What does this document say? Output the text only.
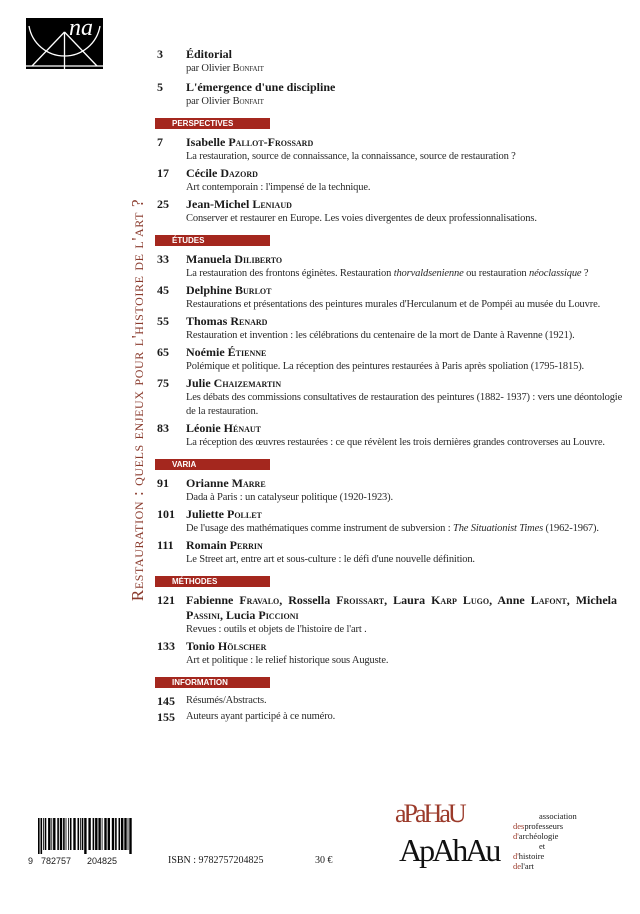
na
Restauration : quels enjeux pour l'histoire de l'art ?
3 Éditorial
par Olivier Bonfait
5 L'émergence d'une discipline
par Olivier Bonfait
PERSPECTIVES
7 Isabelle Pallot-Frossard
La restauration, source de connaissance, la connaissance, source de restauration ?
17 Cécile Dazord
Art contemporain : l'impensé de la technique.
25 Jean-Michel Leniaud
Conserver et restaurer en Europe. Les voies divergentes de deux professionnalisations.
ÉTUDES
33 Manuela Diliberto
La restauration des frontons éginètes. Restauration thorvaldsenienne ou restauration néoclassique ?
45 Delphine Burlot
Restaurations et présentations des peintures murales d'Herculanum et de Pompéi au musée du Louvre.
55 Thomas Renard
Restauration et invention : les célébrations du centenaire de la mort de Dante à Ravenne (1921).
65 Noémie Étienne
Polémique et politique. La réception des peintures restaurées à Paris après spoliation (1795-1815).
75 Julie Chaizemartin
Les débats des commissions consultatives de restauration des peintures (1882- 1937) : vers une déontologie de la restauration.
83 Léonie Hénaut
La réception des œuvres restaurées : ce que révèlent les trois dernières grandes controverses au Louvre.
VARIA
91 Orianne Marre
Dada à Paris : un catalyseur politique (1920-1923).
101 Juliette Pollet
De l'usage des mathématiques comme instrument de subversion : The Situationist Times (1962-1967).
111 Romain Perrin
Le Street art, entre art et sous-culture : le défi d'une nouvelle définition.
MÉTHODES
121 Fabienne Fravalo, Rossella Froissart, Laura Karp Lugo, Anne Lafont, Michela Passini, Lucia Piccioni
Revues : outils et objets de l'histoire de l'art .
133 Tonio Hölscher
Art et politique : le relief historique sous Auguste.
INFORMATION
145 Résumés/Abstracts.
155 Auteurs ayant participé à ce numéro.
9 782757 204825	ISBN : 9782757204825	30 €
aPaHaU
ApAhAu
association
desprofesseurs
d'archéologie
et
d'histoire
del'art
